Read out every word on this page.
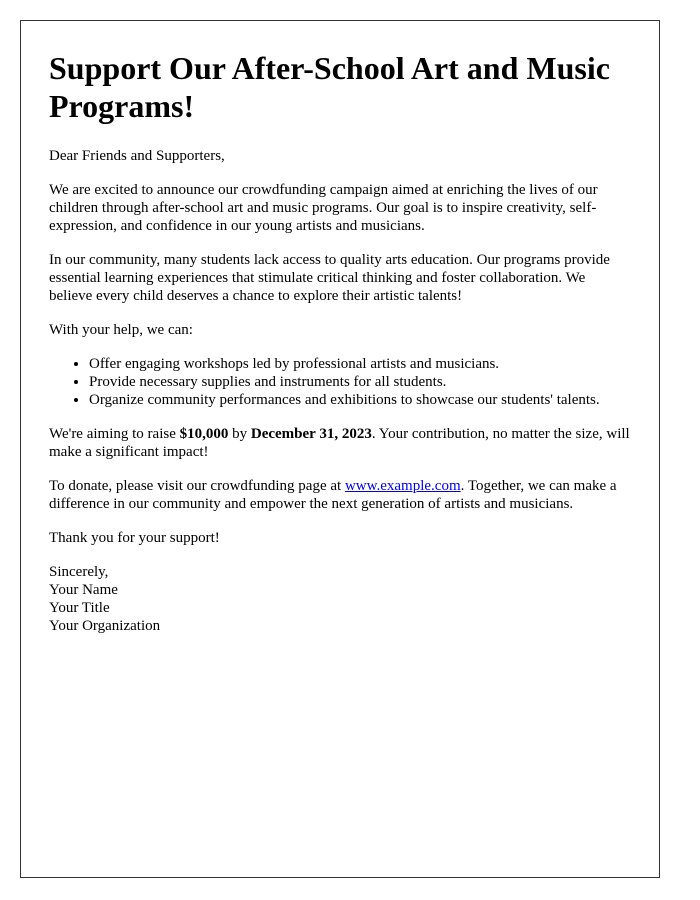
Support Our After-School Art and Music Programs!

Dear Friends and Supporters,

We are excited to announce our crowdfunding campaign aimed at enriching the lives of our children through after-school art and music programs. Our goal is to inspire creativity, self-expression, and confidence in our young artists and musicians.

In our community, many students lack access to quality arts education. Our programs provide essential learning experiences that stimulate critical thinking and foster collaboration. We believe every child deserves a chance to explore their artistic talents!

With your help, we can:

• Offer engaging workshops led by professional artists and musicians.
• Provide necessary supplies and instruments for all students.
• Organize community performances and exhibitions to showcase our students' talents.

We're aiming to raise $10,000 by December 31, 2023. Your contribution, no matter the size, will make a significant impact!

To donate, please visit our crowdfunding page at www.example.com. Together, we can make a difference in our community and empower the next generation of artists and musicians.

Thank you for your support!

Sincerely,

Your Name

Your Title

Your Organization
